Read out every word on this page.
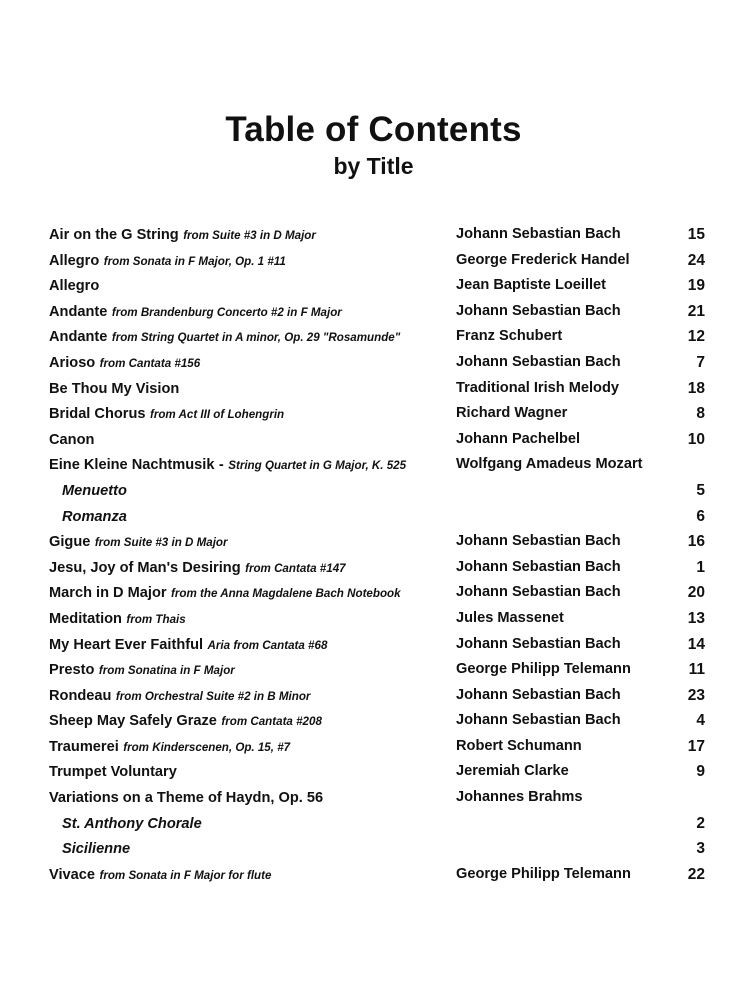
Table of Contents
by Title
Air on the G String from Suite #3 in D Major	Johann Sebastian Bach	15
Allegro from Sonata in F Major, Op. 1 #11	George Frederick Handel	24
Allegro	Jean Baptiste Loeillet	19
Andante from Brandenburg Concerto #2 in F Major	Johann Sebastian Bach	21
Andante from String Quartet in A minor, Op. 29 "Rosamunde"	Franz Schubert	12
Arioso from Cantata #156	Johann Sebastian Bach	7
Be Thou My Vision	Traditional Irish Melody	18
Bridal Chorus from Act III of Lohengrin	Richard Wagner	8
Canon	Johann Pachelbel	10
Eine Kleine Nachtmusik - String Quartet in G Major, K. 525	Wolfgang Amadeus Mozart
Menuetto	5
Romanza	6
Gigue from Suite #3 in D Major	Johann Sebastian Bach	16
Jesu, Joy of Man's Desiring from Cantata #147	Johann Sebastian Bach	1
March in D Major from the Anna Magdalene Bach Notebook	Johann Sebastian Bach	20
Meditation from Thais	Jules Massenet	13
My Heart Ever Faithful Aria from Cantata #68	Johann Sebastian Bach	14
Presto from Sonatina in F Major	George Philipp Telemann	11
Rondeau from Orchestral Suite #2 in B Minor	Johann Sebastian Bach	23
Sheep May Safely Graze from Cantata #208	Johann Sebastian Bach	4
Traumerei from Kinderscenen, Op. 15, #7	Robert Schumann	17
Trumpet Voluntary	Jeremiah Clarke	9
Variations on a Theme of Haydn, Op. 56	Johannes Brahms
St. Anthony Chorale	2
Sicilienne	3
Vivace from Sonata in F Major for flute	George Philipp Telemann	22
